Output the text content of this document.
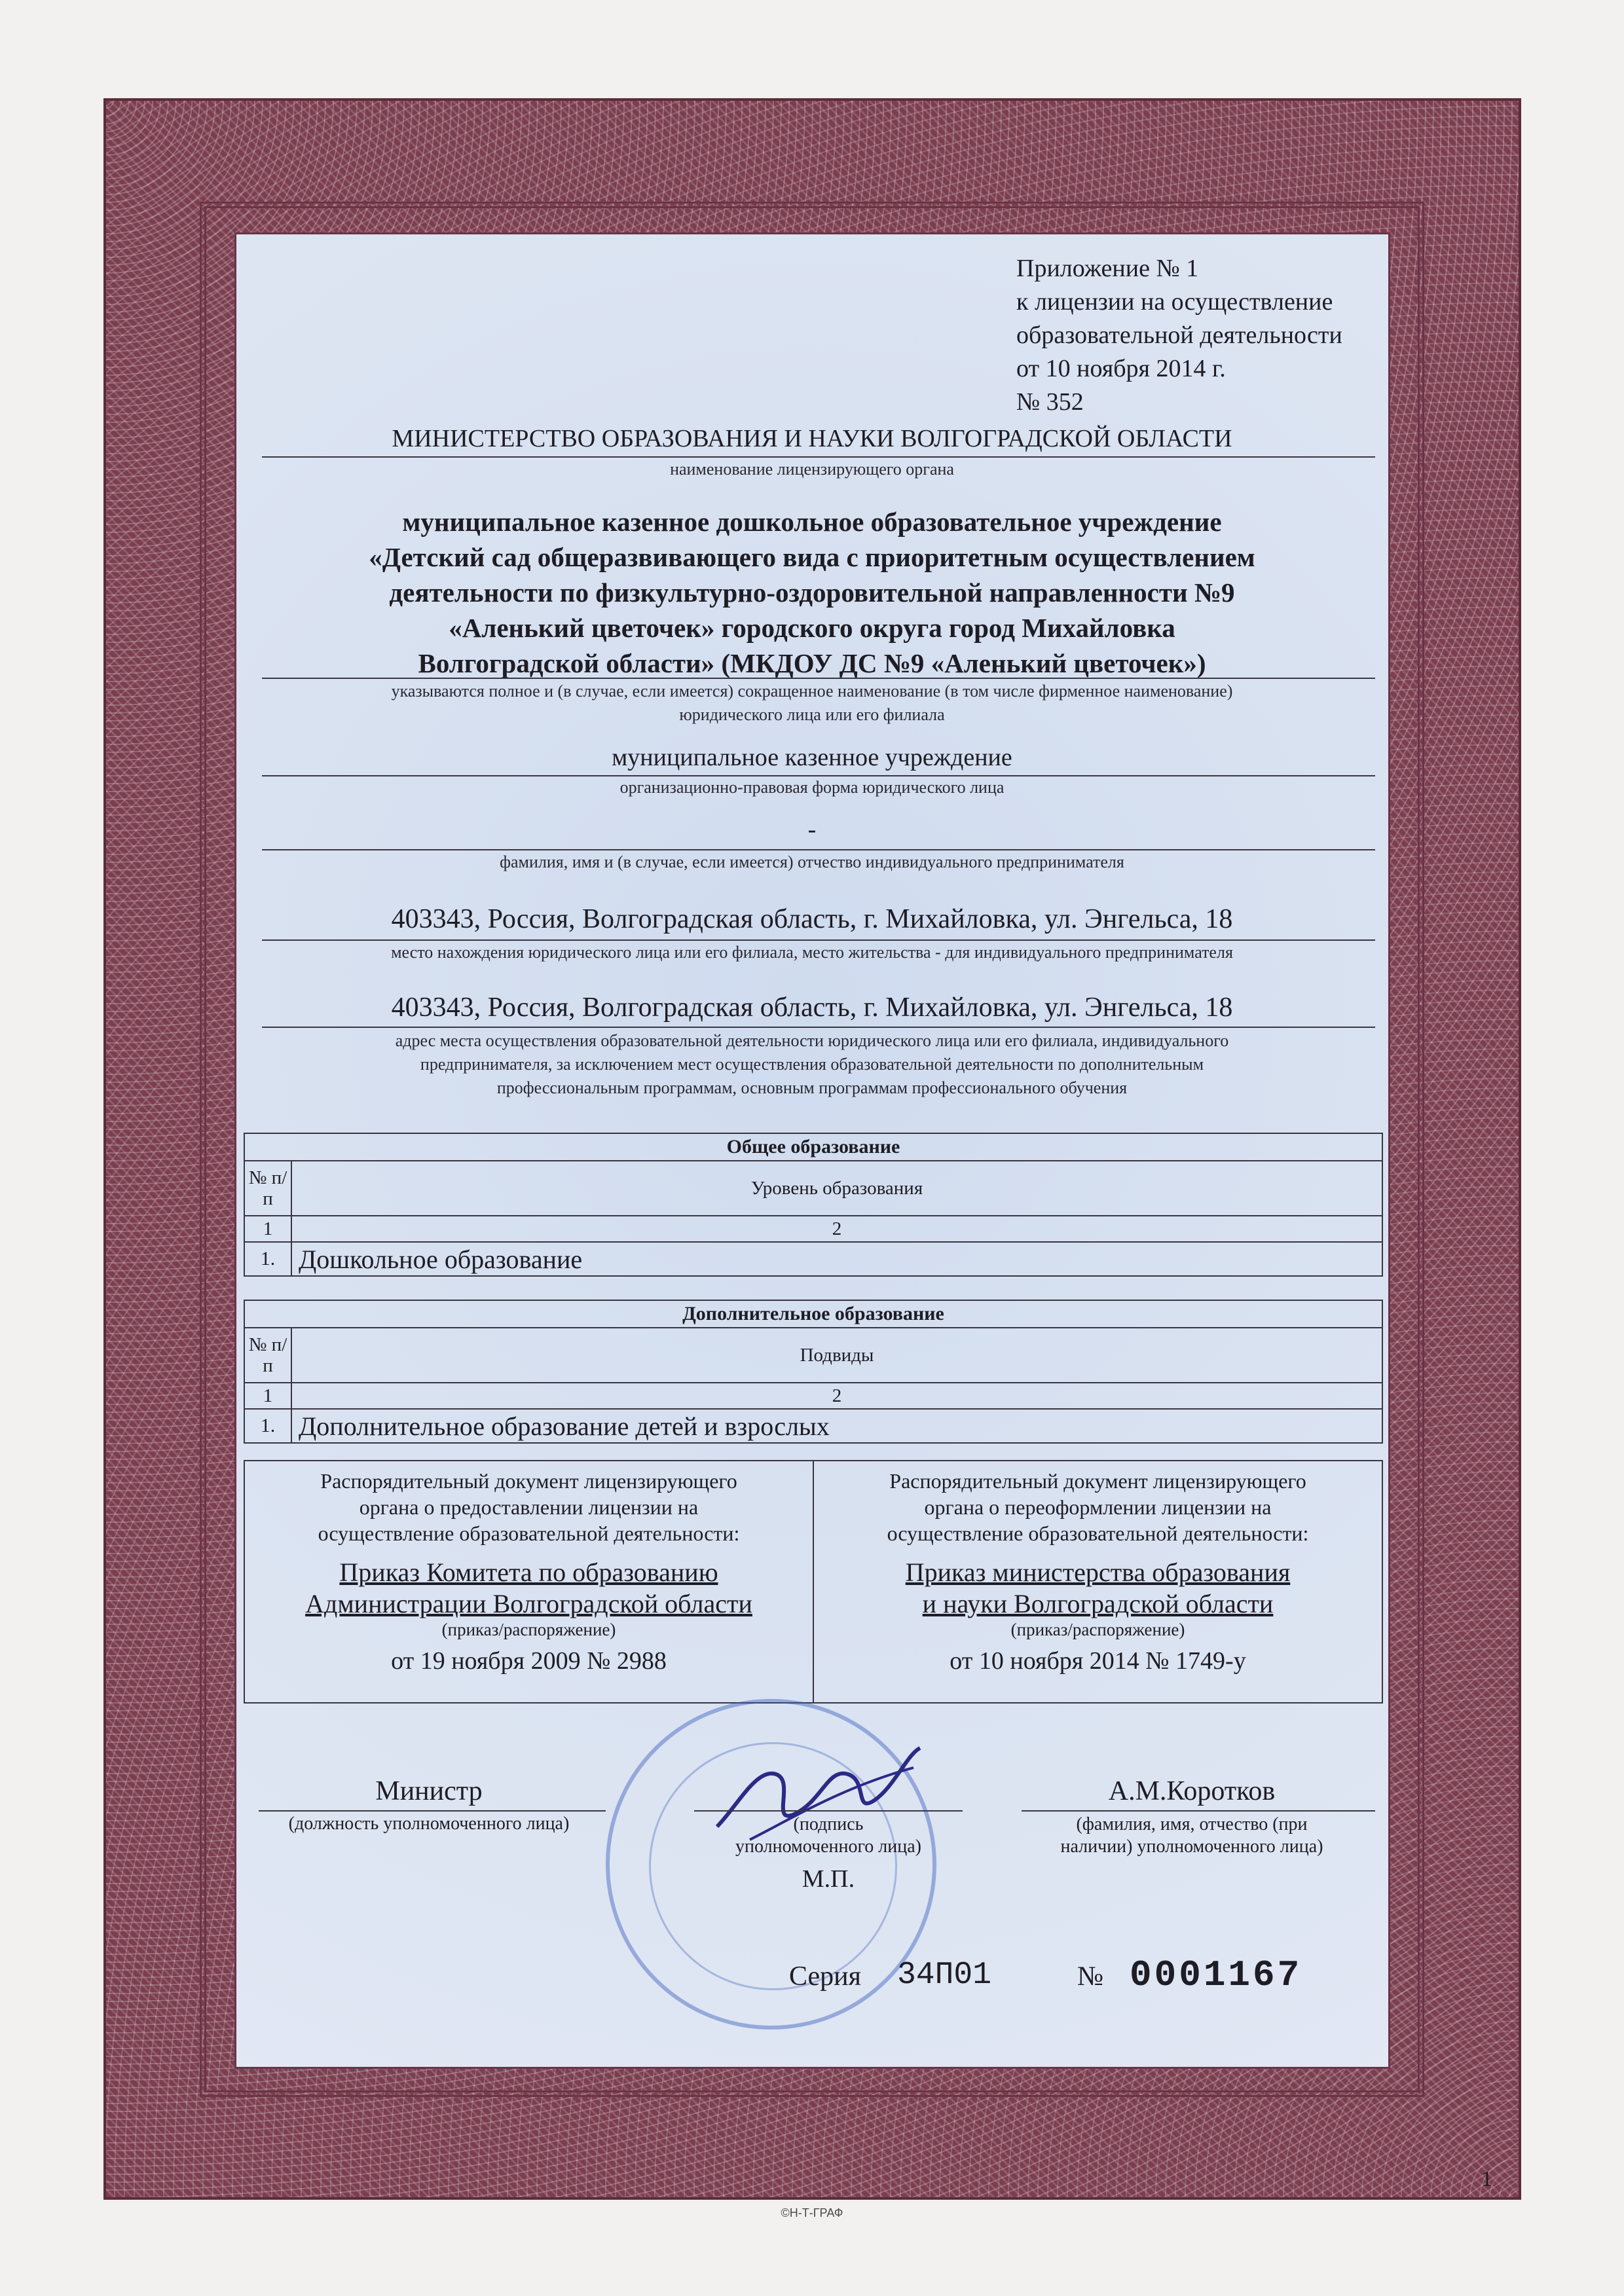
Приложение № 1
к лицензии на осуществление
образовательной деятельности
от 10 ноября 2014 г.
№ 352
МИНИСТЕРСТВО ОБРАЗОВАНИЯ И НАУКИ ВОЛГОГРАДСКОЙ ОБЛАСТИ
наименование лицензирующего органа
муниципальное казенное дошкольное образовательное учреждение
«Детский сад общеразвивающего вида с приоритетным осуществлением
деятельности по физкультурно-оздоровительной направленности №9
«Аленький цветочек» городского округа город Михайловка
Волгоградской области» (МКДОУ ДС №9 «Аленький цветочек»)
указываются полное и (в случае, если имеется) сокращенное наименование (в том числе фирменное наименование)
юридического лица или его филиала
муниципальное казенное учреждение
организационно-правовая форма юридического лица
-
фамилия, имя и (в случае, если имеется) отчество индивидуального предпринимателя
403343, Россия, Волгоградская область, г. Михайловка, ул. Энгельса, 18
место нахождения юридического лица или его филиала, место жительства - для индивидуального предпринимателя
403343, Россия, Волгоградская область, г. Михайловка, ул. Энгельса, 18
адрес места осуществления образовательной деятельности юридического лица или его филиала, индивидуального
предпринимателя, за исключением мест осуществления образовательной деятельности по дополнительным
профессиональным программам, основным программам профессионального обучения
Общее образование	
№ п/п	Уровень образования
1	2
1.	Дошкольное образование
Дополнительное образование	
№ п/п	Подвиды
1	2
1.	Дополнительное образование детей и взрослых
Распорядительный документ лицензирующего
органа о предоставлении лицензии на
осуществление образовательной деятельности:
Приказ Комитета по образованию
Администрации Волгоградской области
(приказ/распоряжение)
от 19 ноября 2009 № 2988

Распорядительный документ лицензирующего
органа о переоформлении лицензии на
осуществление образовательной деятельности:
Приказ министерства образования
и науки Волгоградской области
(приказ/распоряжение)
от 10 ноября 2014 № 1749-у
Министр
(должность уполномоченного лица)	(подпись
уполномоченного лица)
М.П.
А.М.Коротков
(фамилия, имя, отчество (при
наличии) уполномоченного лица)
Серия 34П01	№ 0001167
1
©Н-Т-ГРАФ
